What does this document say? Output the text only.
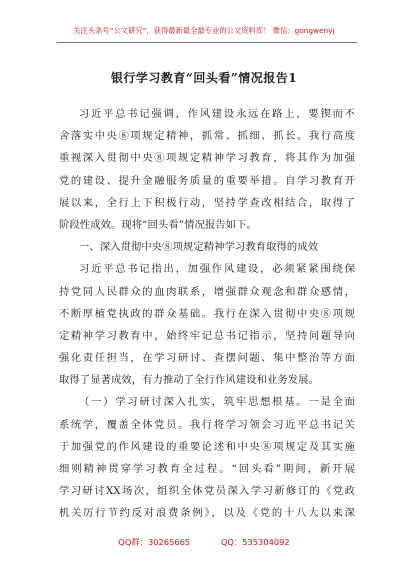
关注头条号“公文研究”，获得最新最全最专业的公文资料库！ 微信：gongwenyj
银行学习教育“回头看”情况报告1
习近平总书记强调，作风建设永远在路上，要锲而不
舍落实中央⑧项规定精神，抓常、抓细、抓长。我行高度
重视深入贯彻中央⑧项规定精神学习教育，将其作为加强
党的建设、提升金融服务质量的重要举措。自学习教育开
展以来，全行上下积极行动，坚持学查改相结合，取得了
阶段性成效。现将“回头看”情况报告如下。
一、深入贯彻中央⑧项规定精神学习教育取得的成效
习近平总书记指出，加强作风建设，必须紧紧围绕保
持党同人民群众的血肉联系，增强群众观念和群众感情，
不断厚植党执政的群众基础。我行在深入贯彻中央⑧项规
定精神学习教育中，始终牢记总书记指示，坚持问题导向
强化责任担当，在学习研讨、查摆问题、集中整治等方面
取得了显著成效，有力推动了全行作风建设和业务发展。
（一）学习研讨深入扎实，筑牢思想根基。一是全面
系统学，覆盖全体党员。我行将学习领会习近平总书记关
于加强党的作风建设的重要论述和中央⑧项规定及其实施
细则精神贯穿学习教育全过程。“回头看”期间，新开展
学习研讨XX场次，组织全体党员深入学习新修订的《党政
机关厉行节约反对浪费条例》，以及《党的十八大以来深
QQ群：30265665	QQ：535304092
